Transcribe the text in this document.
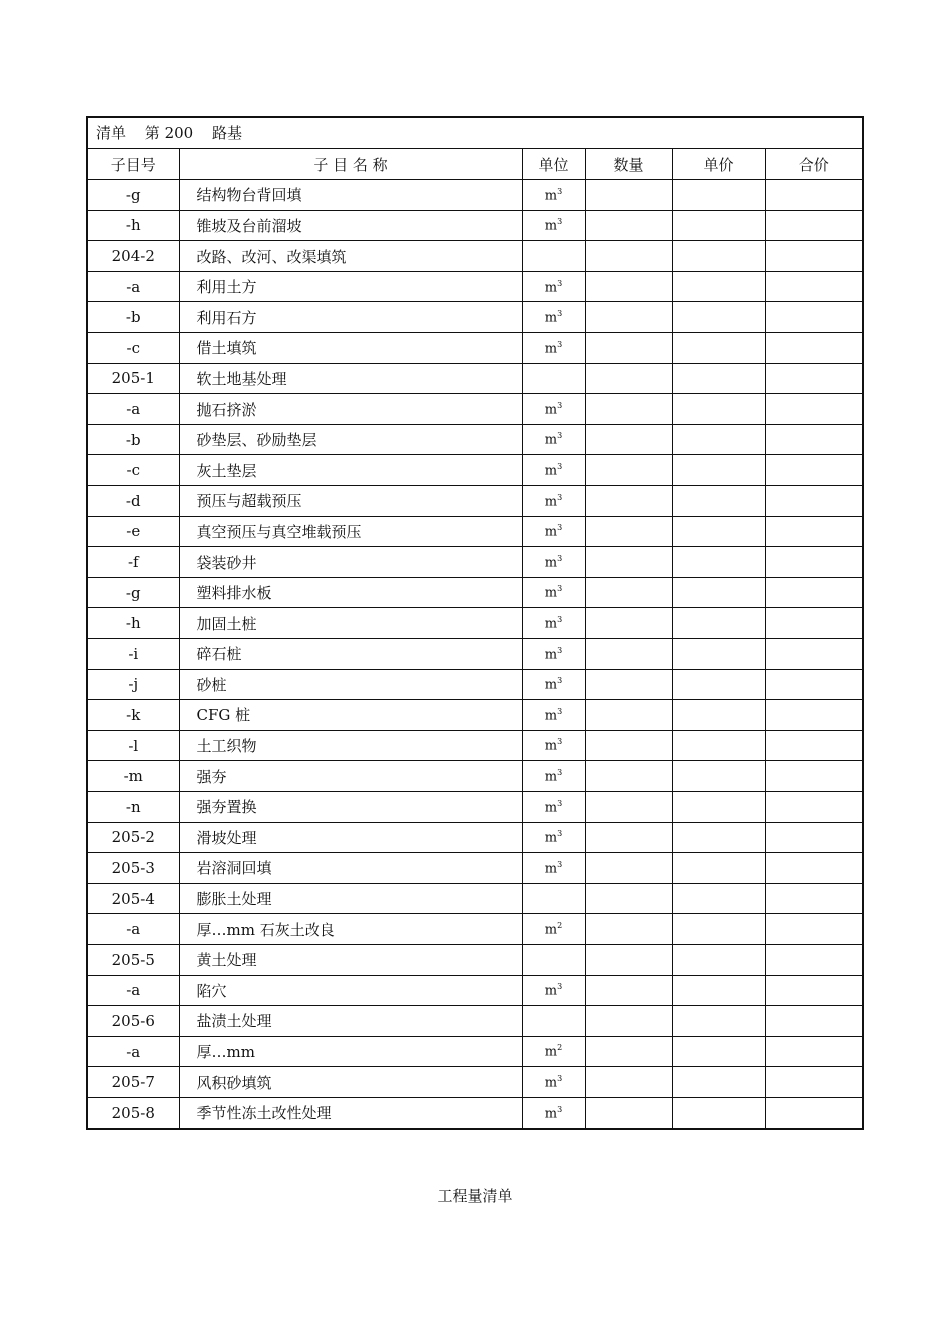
清单 第 200 路基
子目号	子 目 名 称	单位	数量	单价	合价
-g	结构物台背回填	$m^3$			
-h	锥坡及台前溜坡	$m^3$			
204-2	改路、改河、改渠填筑				
-a	利用土方	$m^3$			
-b	利用石方	$m^3$			
-c	借土填筑	$m^3$			
205-1	软土地基处理				
-a	抛石挤淤	$m^3$			
-b	砂垫层、砂励垫层	$m^3$			
-c	灰土垫层	$m^3$			
-d	预压与超载预压	$m^3$			
-e	真空预压与真空堆载预压	$m^3$			
-f	袋装砂井	$m^3$			
-g	塑料排水板	$m^3$			
-h	加固土桩	$m^3$			
-i	碎石桩	$m^3$			
-j	砂桩	$m^3$			
-k	CFG 桩	$m^3$			
-l	土工织物	$m^3$			
-m	强夯	$m^3$			
-n	强夯置换	$m^3$			
205-2	滑坡处理	$m^3$			
205-3	岩溶洞回填	$m^3$			
205-4	膨胀土处理				
-a	厚…mm 石灰土改良	$m^2$			
205-5	黄土处理				
-a	陷穴	$m^3$			
205-6	盐渍土处理				
-a	厚…mm	$m^2$			
205-7	风积砂填筑	$m^3$			
205-8	季节性冻土改性处理	$m^3$			
工程量清单
